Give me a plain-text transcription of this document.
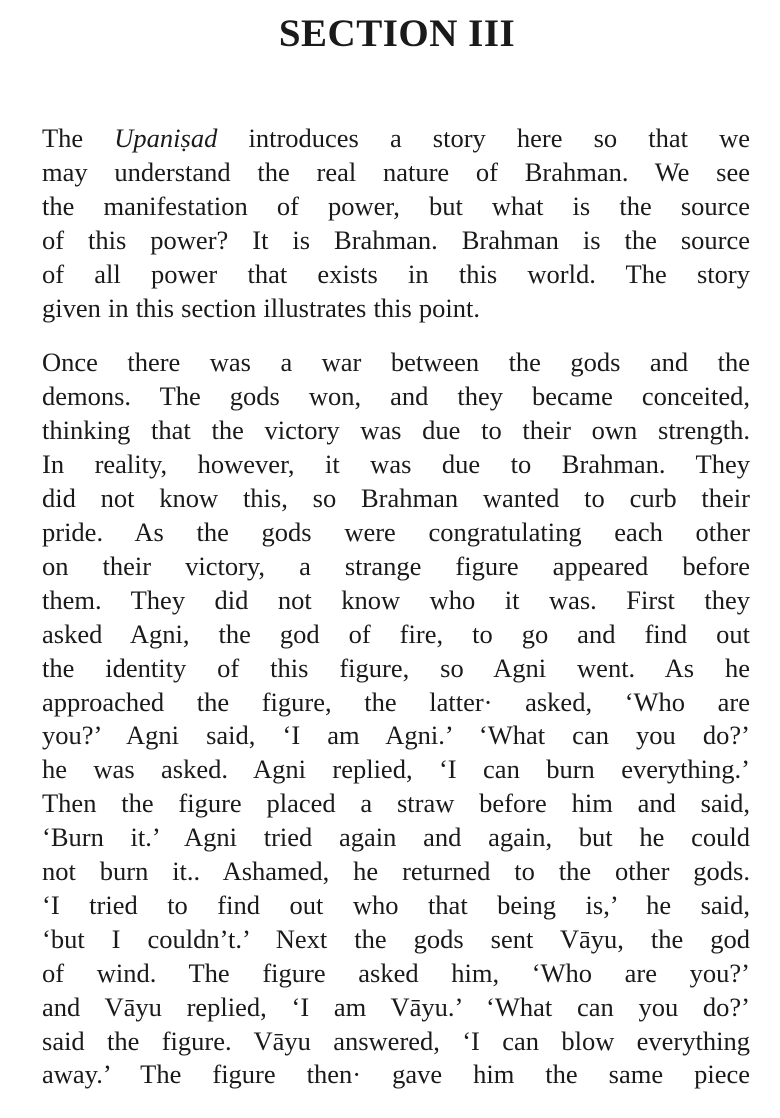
SECTION III

The Upaniṣad introduces a story here so that we
may understand the real nature of Brahman. We see
the manifestation of power, but what is the source
of this power? It is Brahman. Brahman is the source
of all power that exists in this world. The story
given in this section illustrates this point.

Once there was a war between the gods and the
demons. The gods won, and they became conceited,
thinking that the victory was due to their own strength.
In reality, however, it was due to Brahman. They
did not know this, so Brahman wanted to curb their
pride. As the gods were congratulating each other
on their victory, a strange figure appeared before
them. They did not know who it was. First they
asked Agni, the god of fire, to go and find out
the identity of this figure, so Agni went. As he
approached the figure, the latter· asked, ‘Who are
you?’ Agni said, ‘I am Agni.’ ‘What can you do?’
he was asked. Agni replied, ‘I can burn everything.’
Then the figure placed a straw before him and said,
‘Burn it.’ Agni tried again and again, but he could
not burn it.. Ashamed, he returned to the other gods.
‘I tried to find out who that being is,’ he said,
‘but I couldn’t.’ Next the gods sent Vāyu, the god
of wind. The figure asked him, ‘Who are you?’
and Vāyu replied, ‘I am Vāyu.’ ‘What can you do?’
said the figure. Vāyu answered, ‘I can blow everything
away.’ The figure then· gave him the same piece
